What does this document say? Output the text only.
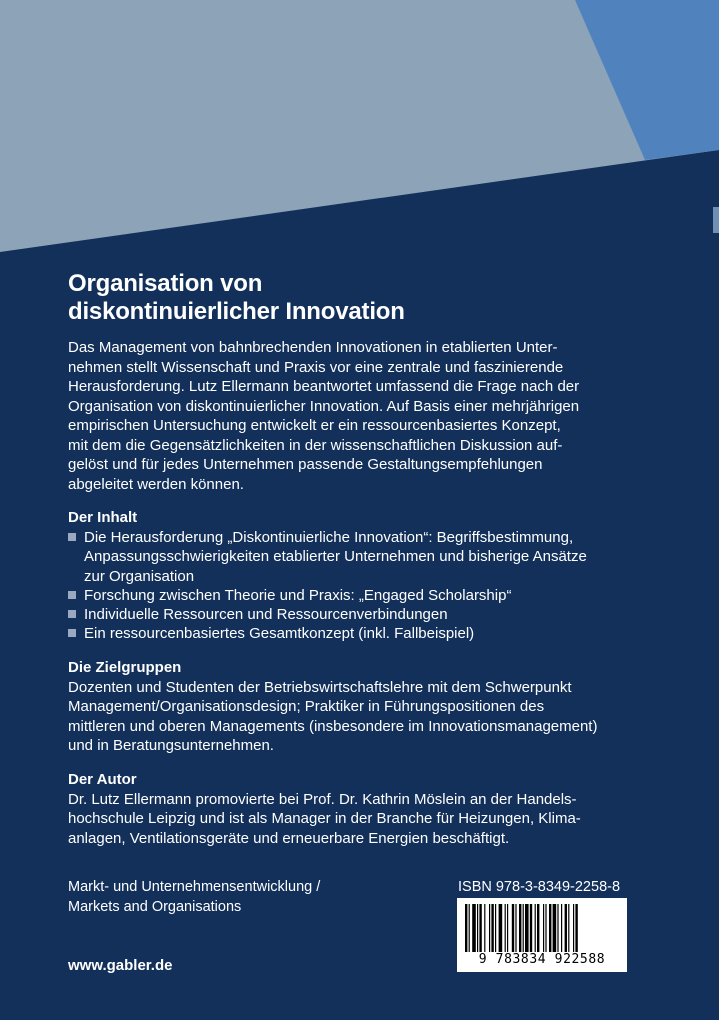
Organisation von
diskontinuierlicher Innovation

Das Management von bahnbrechenden Innovationen in etablierten Unter-
nehmen stellt Wissenschaft und Praxis vor eine zentrale und faszinierende
Herausforderung. Lutz Ellermann beantwortet umfassend die Frage nach der
Organisation von diskontinuierlicher Innovation. Auf Basis einer mehrjährigen
empirischen Untersuchung entwickelt er ein ressourcenbasiertes Konzept,
mit dem die Gegensätzlichkeiten in der wissenschaftlichen Diskussion auf-
gelöst und für jedes Unternehmen passende Gestaltungsempfehlungen
abgeleitet werden können.

Der Inhalt
Die Herausforderung „Diskontinuierliche Innovation“: Begriffsbestimmung,
Anpassungsschwierigkeiten etablierter Unternehmen und bisherige Ansätze
zur Organisation
Forschung zwischen Theorie und Praxis: „Engaged Scholarship“
Individuelle Ressourcen und Ressourcenverbindungen
Ein ressourcenbasiertes Gesamtkonzept (inkl. Fallbeispiel)
Die Zielgruppen

Dozenten und Studenten der Betriebswirtschaftslehre mit dem Schwerpunkt
Management/Organisationsdesign; Praktiker in Führungspositionen des
mittleren und oberen Managements (insbesondere im Innovationsmanagement)
und in Beratungsunternehmen.

Der Autor

Dr. Lutz Ellermann promovierte bei Prof. Dr. Kathrin Möslein an der Handels-
hochschule Leipzig und ist als Manager in der Branche für Heizungen, Klima-
anlagen, Ventilationsgeräte und erneuerbare Energien beschäftigt.

Markt- und Unternehmensentwicklung /
Markets and Organisations
www.gabler.de
ISBN 978-3-8349-2258-8
9 783834 922588
